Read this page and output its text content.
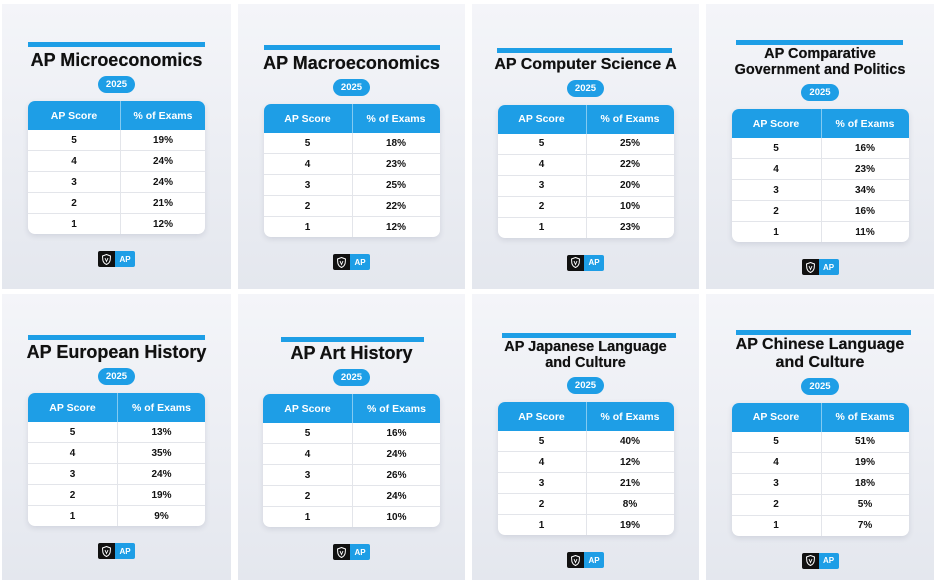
AP Microeconomics
2025
AP Score	% of Exams
5	19%
4	24%
3	24%
2	21%
1	12%
AP
AP Macroeconomics
2025
AP Score	% of Exams
5	18%
4	23%
3	25%
2	22%
1	12%
AP
AP Computer Science A
2025
AP Score	% of Exams
5	25%
4	22%
3	20%
2	10%
1	23%
AP
AP Comparative
Government and Politics
2025
AP Score	% of Exams
5	16%
4	23%
3	34%
2	16%
1	11%
AP
AP European History
2025
AP Score	% of Exams
5	13%
4	35%
3	24%
2	19%
1	9%
AP
AP Art History
2025
AP Score	% of Exams
5	16%
4	24%
3	26%
2	24%
1	10%
AP
AP Japanese Language
and Culture
2025
AP Score	% of Exams
5	40%
4	12%
3	21%
2	8%
1	19%
AP
AP Chinese Language
and Culture
2025
AP Score	% of Exams
5	51%
4	19%
3	18%
2	5%
1	7%
AP
